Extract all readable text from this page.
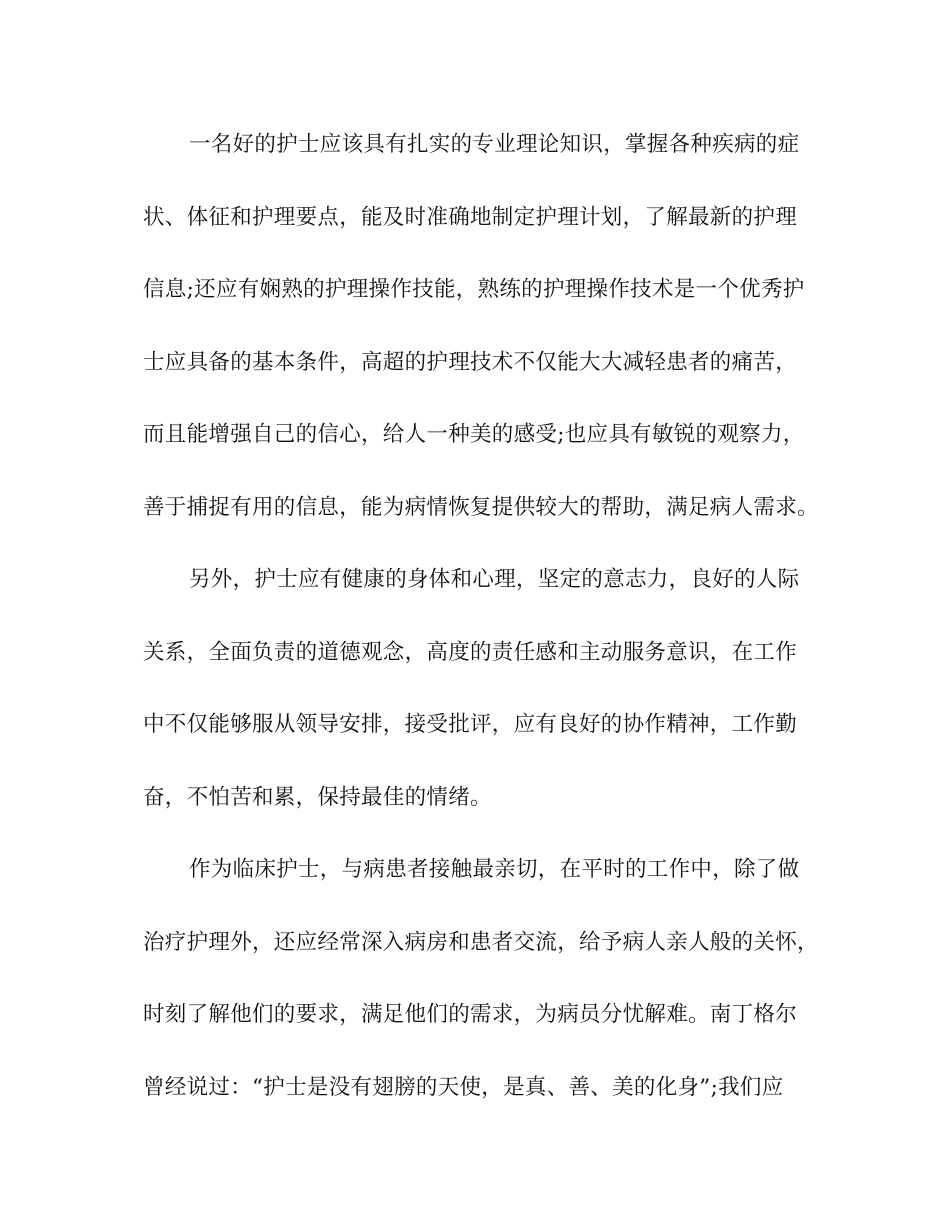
一名好的护士应该具有扎实的专业理论知识，掌握各种疾病的症
状、体征和护理要点，能及时准确地制定护理计划，了解最新的护理
信息;还应有娴熟的护理操作技能，熟练的护理操作技术是一个优秀护
士应具备的基本条件，高超的护理技术不仅能大大减轻患者的痛苦，
而且能增强自己的信心，给人一种美的感受;也应具有敏锐的观察力，
善于捕捉有用的信息，能为病情恢复提供较大的帮助，满足病人需求。
另外，护士应有健康的身体和心理，坚定的意志力，良好的人际
关系，全面负责的道德观念，高度的责任感和主动服务意识，在工作
中不仅能够服从领导安排，接受批评，应有良好的协作精神，工作勤
奋，不怕苦和累，保持最佳的情绪。
作为临床护士，与病患者接触最亲切，在平时的工作中，除了做
治疗护理外，还应经常深入病房和患者交流，给予病人亲人般的关怀，
时刻了解他们的要求，满足他们的需求，为病员分忧解难。南丁格尔
曾经说过：“护士是没有翅膀的天使，是真、善、美的化身”;我们应
